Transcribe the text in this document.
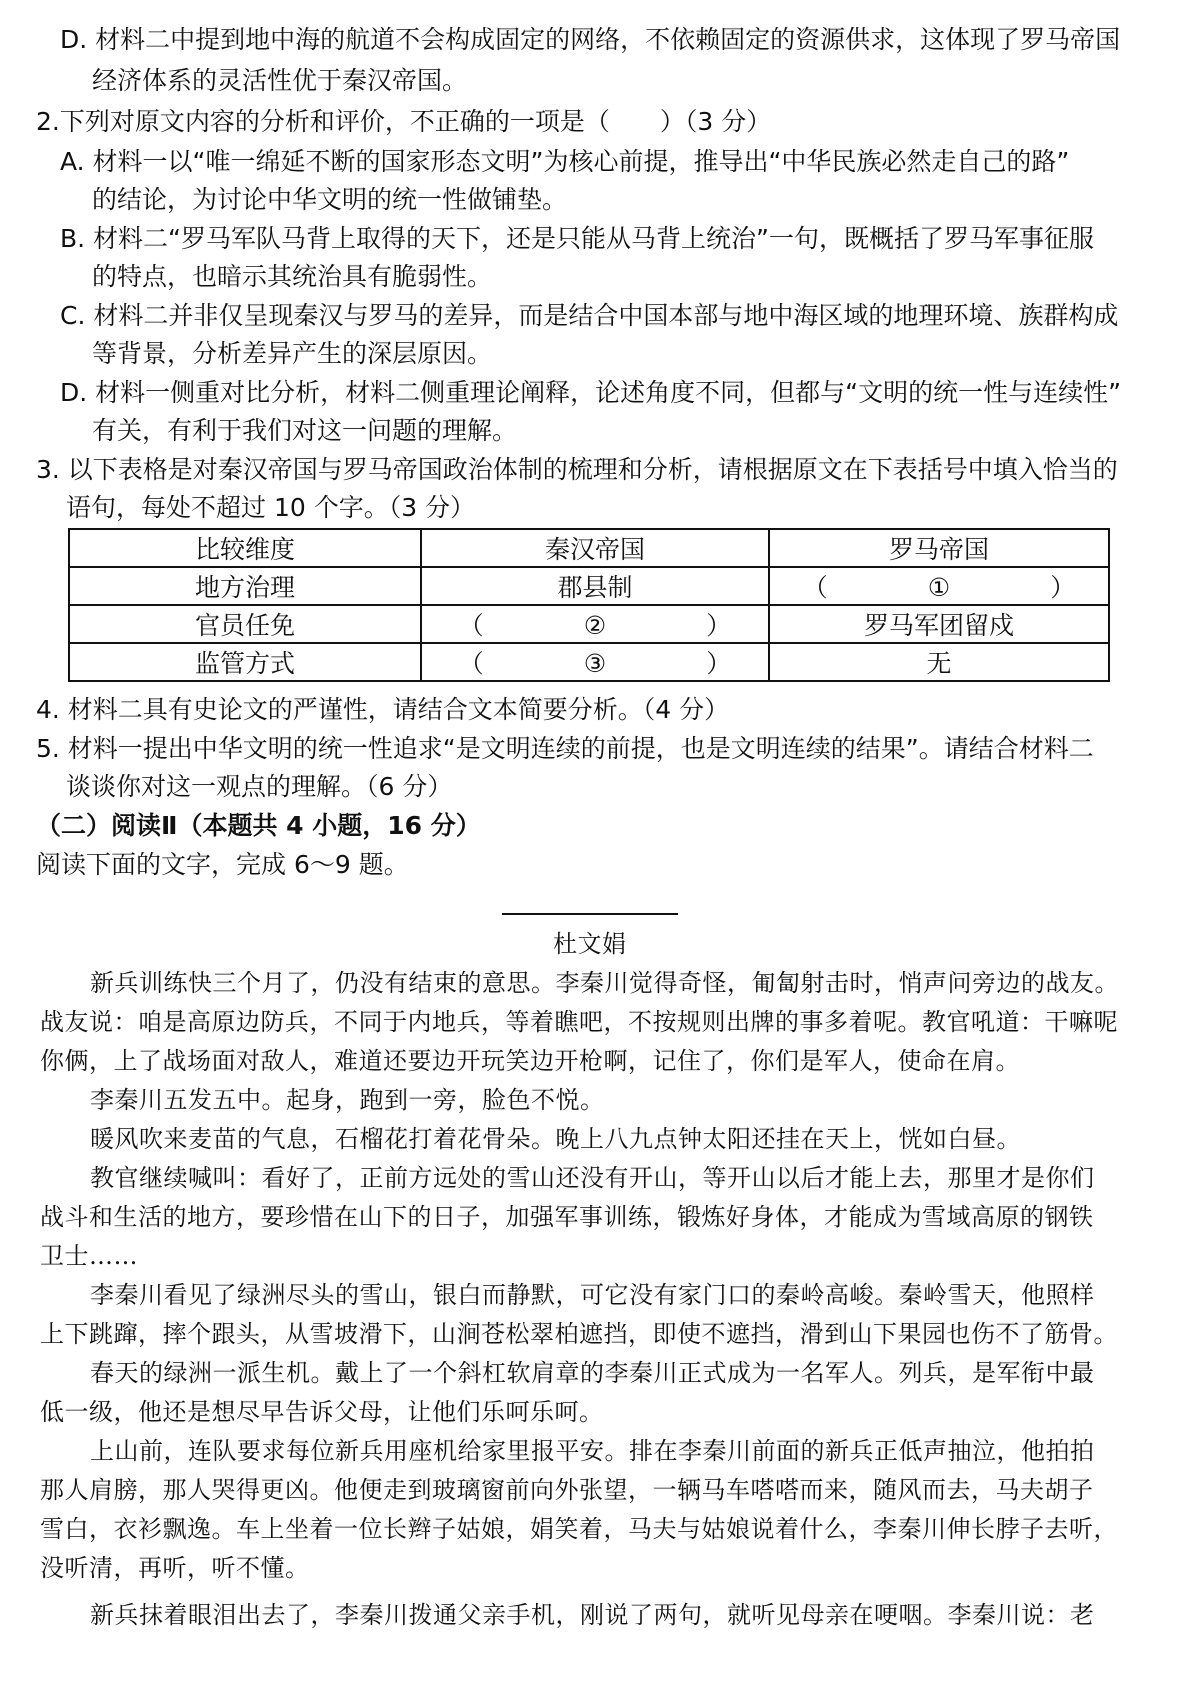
D. 材料二中提到地中海的航道不会构成固定的网络，不依赖固定的资源供求，这体现了罗马帝国
经济体系的灵活性优于秦汉帝国。
2.下列对原文内容的分析和评价，不正确的一项是（　　）（3 分）
A. 材料一以“唯一绵延不断的国家形态文明”为核心前提，推导出“中华民族必然走自己的路”
的结论，为讨论中华文明的统一性做铺垫。
B. 材料二“罗马军队马背上取得的天下，还是只能从马背上统治”一句，既概括了罗马军事征服
的特点，也暗示其统治具有脆弱性。
C. 材料二并非仅呈现秦汉与罗马的差异，而是结合中国本部与地中海区域的地理环境、族群构成
等背景，分析差异产生的深层原因。
D. 材料一侧重对比分析，材料二侧重理论阐释，论述角度不同，但都与“文明的统一性与连续性”
有关，有利于我们对这一问题的理解。
3. 以下表格是对秦汉帝国与罗马帝国政治体制的梳理和分析，请根据原文在下表括号中填入恰当的
语句，每处不超过 10 个字。（3 分）
比较维度	秦汉帝国	罗马帝国
地方治理	郡县制	（　　　　①　　　　）
官员任免	（　　　　②　　　　）	罗马军团留戍
监管方式	（　　　　③　　　　）	无
4. 材料二具有史论文的严谨性，请结合文本简要分析。（4 分）
5. 材料一提出中华文明的统一性追求“是文明连续的前提，也是文明连续的结果”。请结合材料二
谈谈你对这一观点的理解。（6 分）
（二）阅读Ⅱ（本题共 4 小题，16 分）
阅读下面的文字，完成 6～9 题。
杜文娟
新兵训练快三个月了，仍没有结束的意思。李秦川觉得奇怪，匍匐射击时，悄声问旁边的战友。
战友说：咱是高原边防兵，不同于内地兵，等着瞧吧，不按规则出牌的事多着呢。教官吼道：干嘛呢
你俩，上了战场面对敌人，难道还要边开玩笑边开枪啊，记住了，你们是军人，使命在肩。
李秦川五发五中。起身，跑到一旁，脸色不悦。
暖风吹来麦苗的气息，石榴花打着花骨朵。晚上八九点钟太阳还挂在天上，恍如白昼。
教官继续喊叫：看好了，正前方远处的雪山还没有开山，等开山以后才能上去，那里才是你们
战斗和生活的地方，要珍惜在山下的日子，加强军事训练，锻炼好身体，才能成为雪域高原的钢铁
卫士……
李秦川看见了绿洲尽头的雪山，银白而静默，可它没有家门口的秦岭高峻。秦岭雪天，他照样
上下跳蹿，摔个跟头，从雪坡滑下，山涧苍松翠柏遮挡，即使不遮挡，滑到山下果园也伤不了筋骨。
春天的绿洲一派生机。戴上了一个斜杠软肩章的李秦川正式成为一名军人。列兵，是军衔中最
低一级，他还是想尽早告诉父母，让他们乐呵乐呵。
上山前，连队要求每位新兵用座机给家里报平安。排在李秦川前面的新兵正低声抽泣，他拍拍
那人肩膀，那人哭得更凶。他便走到玻璃窗前向外张望，一辆马车嗒嗒而来，随风而去，马夫胡子
雪白，衣衫飘逸。车上坐着一位长辫子姑娘，娟笑着，马夫与姑娘说着什么，李秦川伸长脖子去听，
没听清，再听，听不懂。
新兵抹着眼泪出去了，李秦川拨通父亲手机，刚说了两句，就听见母亲在哽咽。李秦川说：老
